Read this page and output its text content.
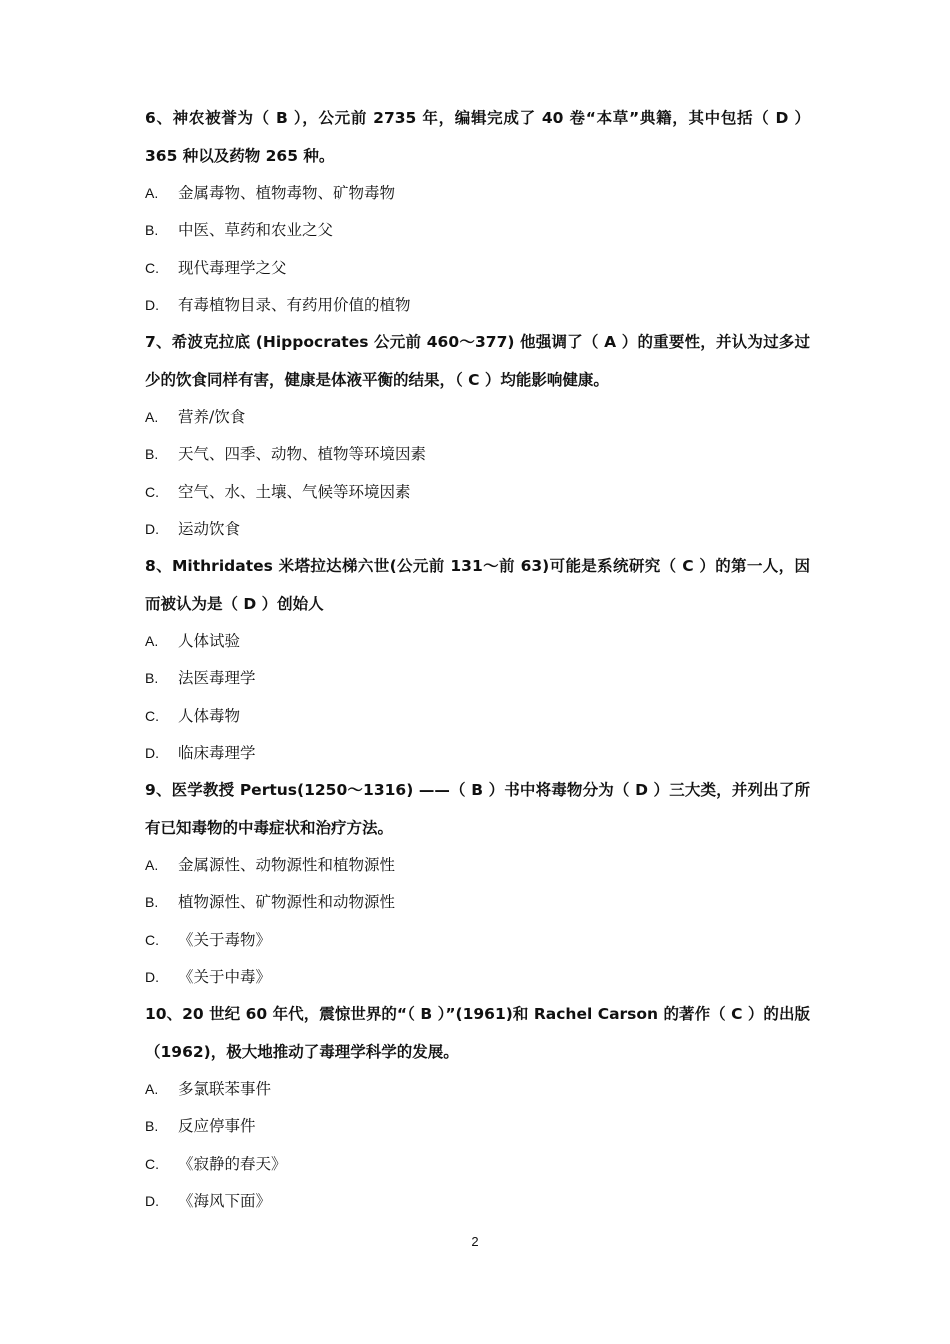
6、神农被誉为（ B ），公元前 2735 年，编辑完成了 40 卷“本草”典籍，其中包括（ D ）365 种以及药物 265 种。
A. 金属毒物、植物毒物、矿物毒物
B. 中医、草药和农业之父
C. 现代毒理学之父
D. 有毒植物目录、有药用价值的植物
7、希波克拉底 (Hippocrates 公元前 460～377) 他强调了（ A ）的重要性，并认为过多过少的饮食同样有害，健康是体液平衡的结果，（ C ）均能影响健康。
A. 营养/饮食
B. 天气、四季、动物、植物等环境因素
C. 空气、水、土壤、气候等环境因素
D. 运动饮食
8、Mithridates 米塔拉达梯六世(公元前 131～前 63)可能是系统研究（ C ）的第一人，因而被认为是（ D ）创始人
A. 人体试验
B. 法医毒理学
C. 人体毒物
D. 临床毒理学
9、医学教授 Pertus(1250～1316) ——（ B ）书中将毒物分为（ D ）三大类，并列出了所有已知毒物的中毒症状和治疗方法。
A. 金属源性、动物源性和植物源性
B. 植物源性、矿物源性和动物源性
C. 《关于毒物》
D. 《关于中毒》
10、20 世纪 60 年代，震惊世界的“（ B ）”(1961)和 Rachel Carson 的著作（ C ）的出版（1962)，极大地推动了毒理学科学的发展。
A. 多氯联苯事件
B. 反应停事件
C. 《寂静的春天》
D. 《海风下面》
2
